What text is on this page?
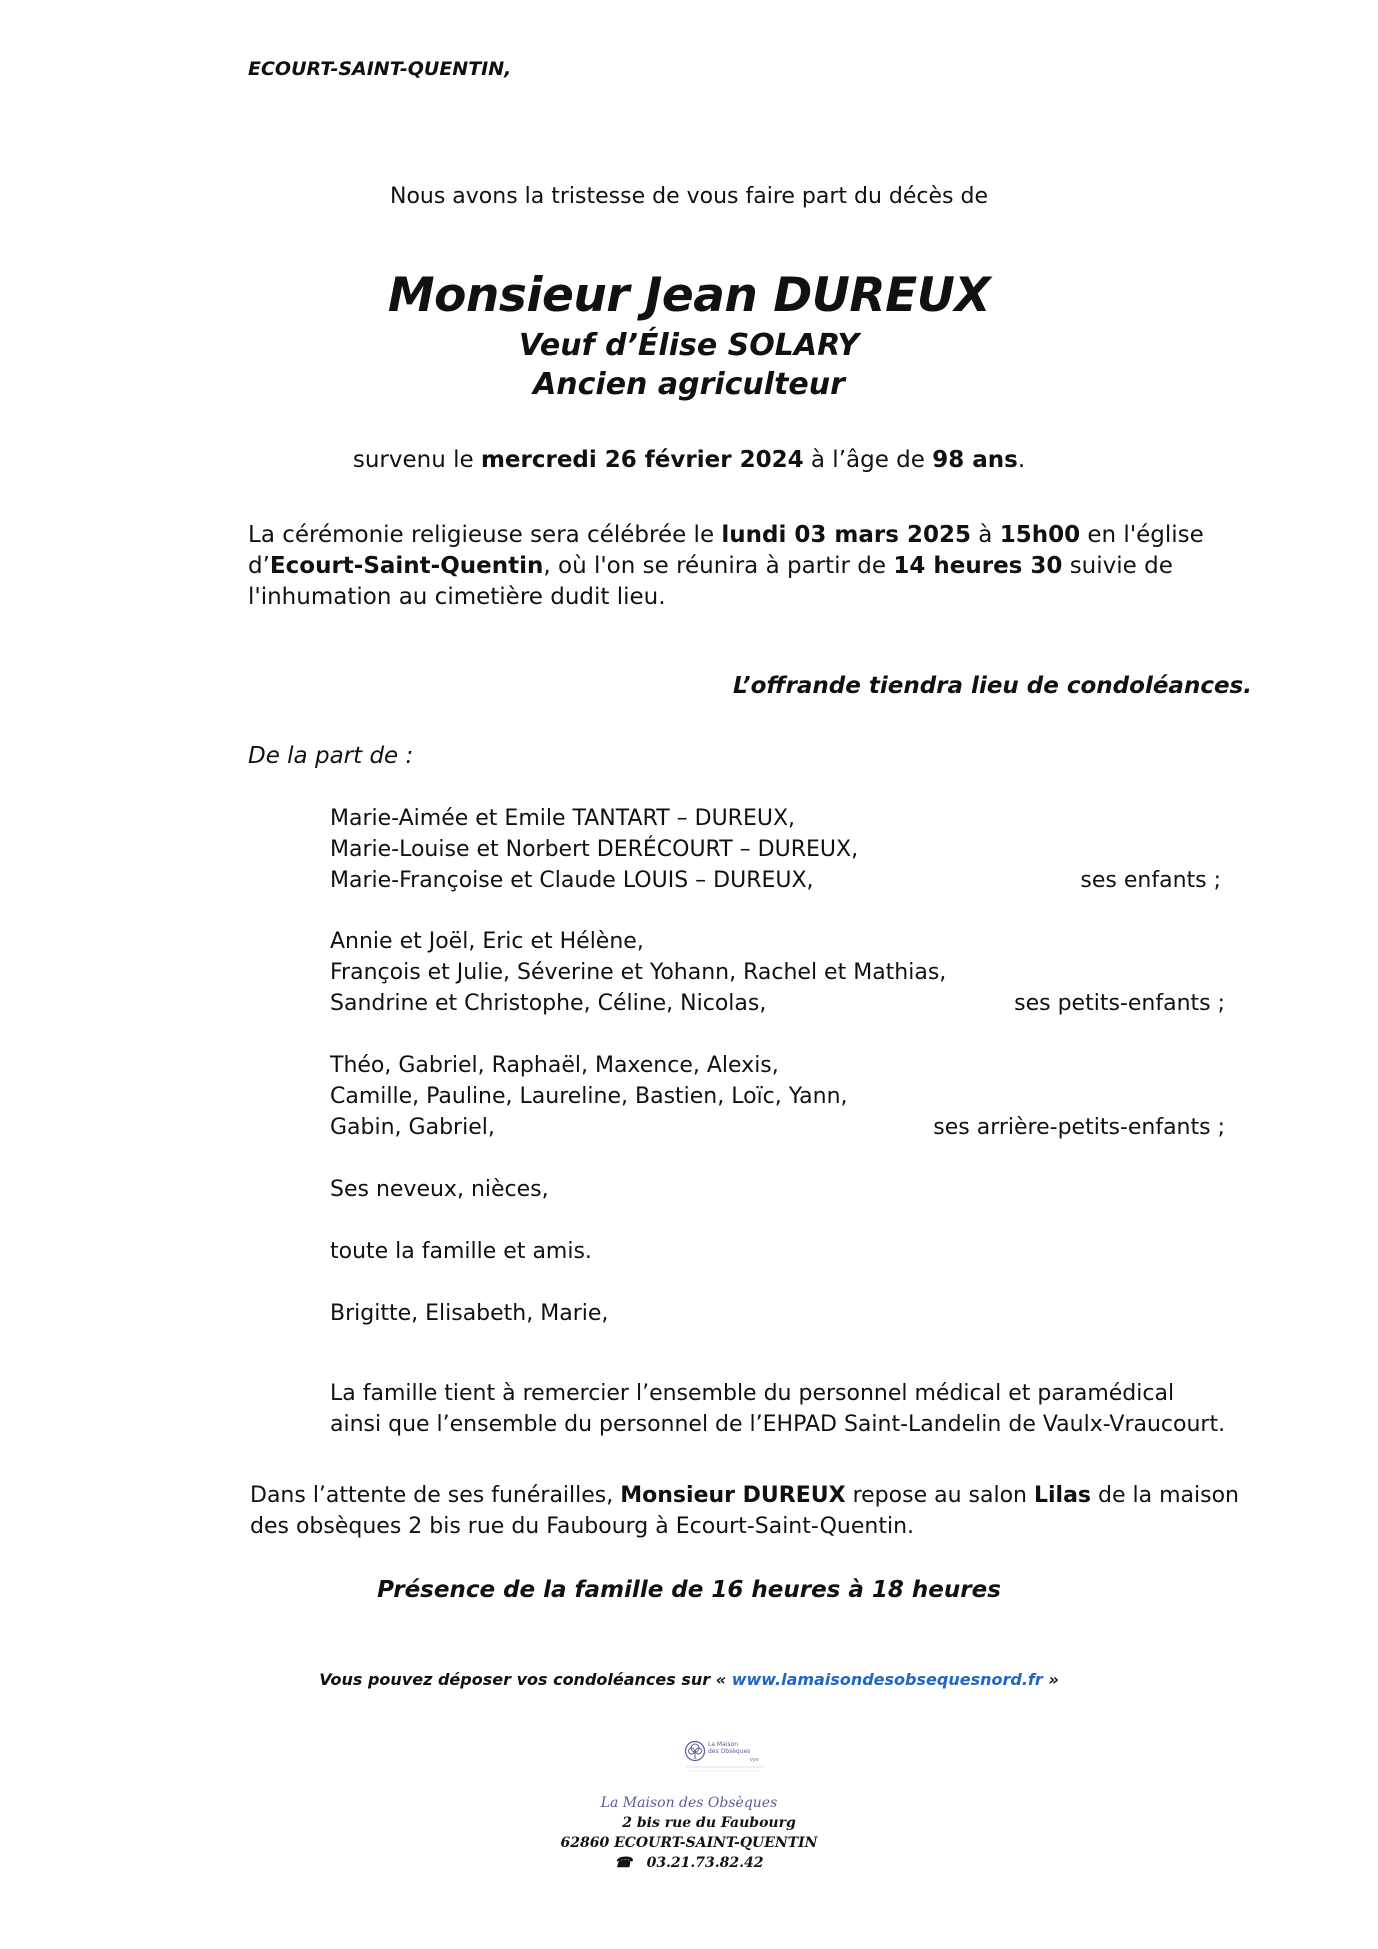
ECOURT-SAINT-QUENTIN,
Nous avons la tristesse de vous faire part du décès de
Monsieur Jean DUREUX
Veuf d’Élise SOLARY
Ancien agriculteur
survenu le mercredi 26 février 2024 à l’âge de 98 ans.
La cérémonie religieuse sera célébrée le lundi 03 mars 2025 à 15h00 en l'église d’Ecourt-Saint-Quentin, où l'on se réunira à partir de 14 heures 30 suivie de l'inhumation au cimetière dudit lieu.
L’offrande tiendra lieu de condoléances.
De la part de :
Marie-Aimée et Emile TANTART – DUREUX,
Marie-Louise et Norbert DERÉCOURT – DUREUX,
Marie-Françoise et Claude LOUIS – DUREUX,	ses enfants ;
Annie et Joël, Eric et Hélène,
François et Julie, Séverine et Yohann, Rachel et Mathias,
Sandrine et Christophe, Céline, Nicolas,	ses petits-enfants ;
Théo, Gabriel, Raphaël, Maxence, Alexis,
Camille, Pauline, Laureline, Bastien, Loïc, Yann,
Gabin, Gabriel,	ses arrière-petits-enfants ;
Ses neveux, nièces,
toute la famille et amis.
Brigitte, Elisabeth, Marie,
La famille tient à remercier l’ensemble du personnel médical et paramédical
ainsi que l’ensemble du personnel de l’EHPAD Saint-Landelin de Vaulx-Vraucourt.
Dans l’attente de ses funérailles, Monsieur DUREUX repose au salon Lilas de la maison des obsèques 2 bis rue du Faubourg à Ecourt-Saint-Quentin.
Présence de la famille de 16 heures à 18 heures
Vous pouvez déposer vos condoléances sur « www.lamaisondesobsequesnord.fr »
La Maison
des Obsèques
vyv
La Maison des Obsèques
2 bis rue du Faubourg
62860 ECOURT-SAINT-QUENTIN
☎ 03.21.73.82.42
